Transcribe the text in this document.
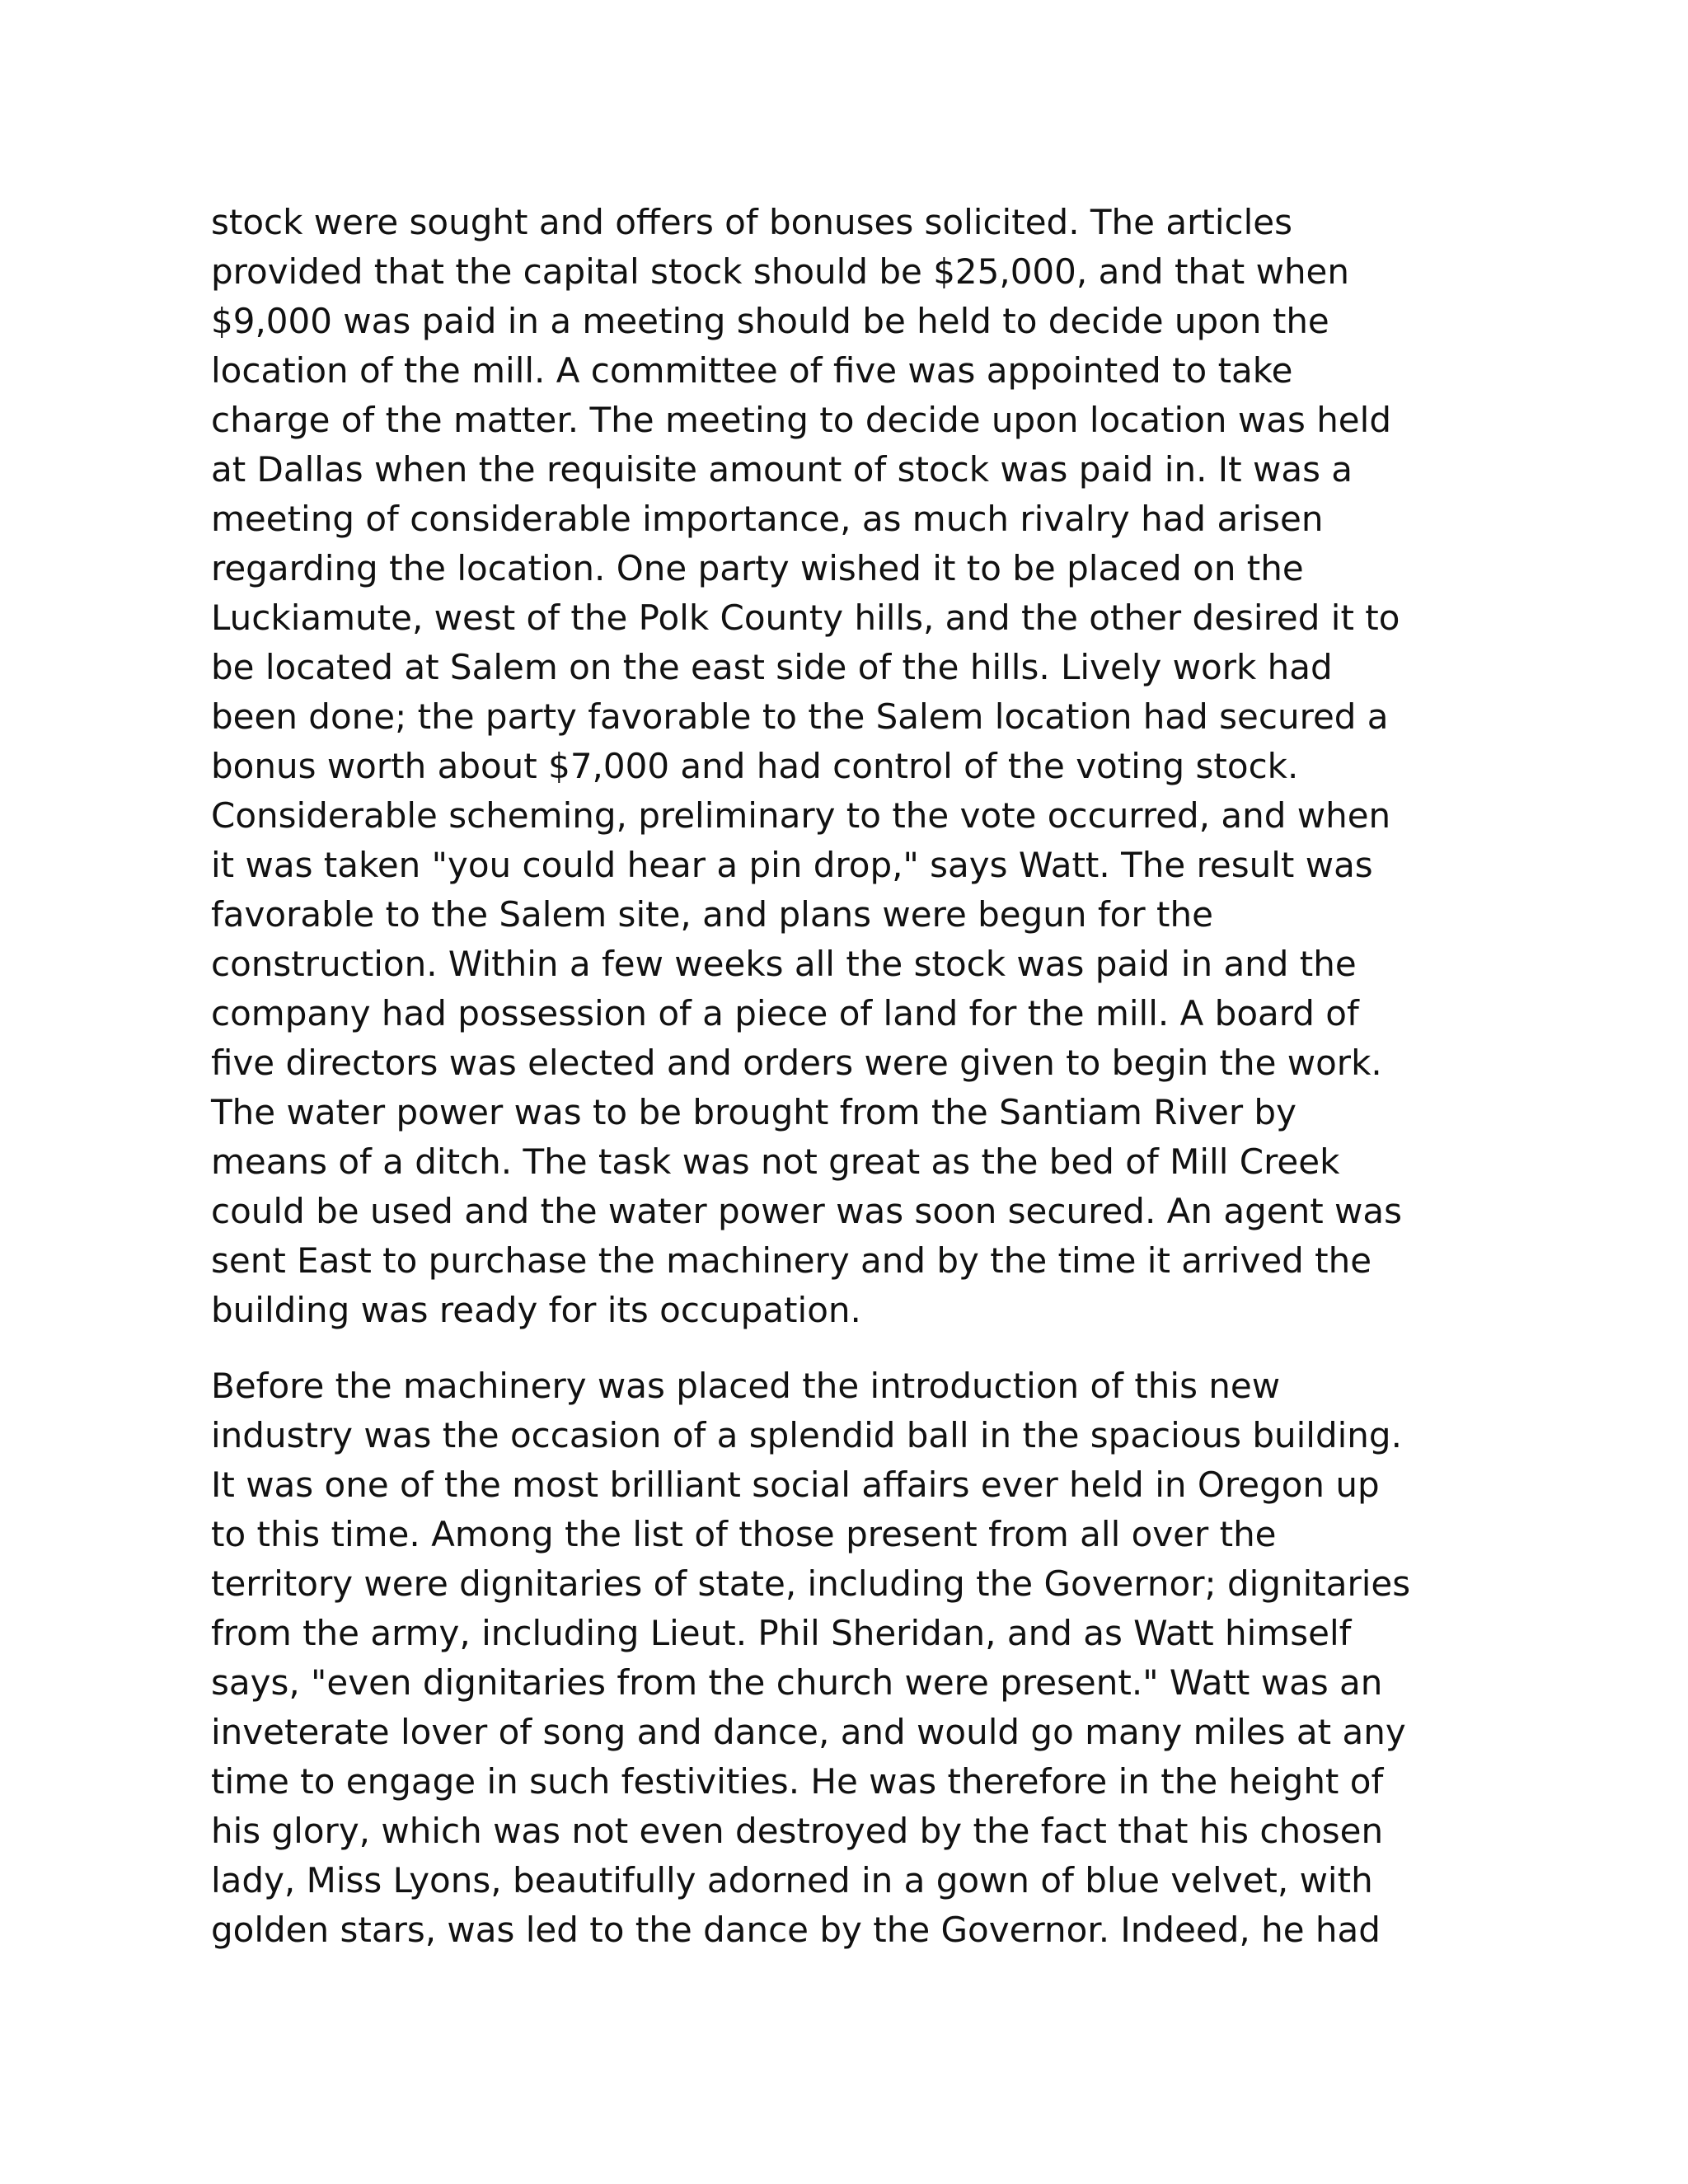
stock were sought and offers of bonuses solicited. The articles
provided that the capital stock should be $25,000, and that when
$9,000 was paid in a meeting should be held to decide upon the
location of the mill. A committee of five was appointed to take
charge of the matter. The meeting to decide upon location was held
at Dallas when the requisite amount of stock was paid in. It was a
meeting of considerable importance, as much rivalry had arisen
regarding the location. One party wished it to be placed on the
Luckiamute, west of the Polk County hills, and the other desired it to
be located at Salem on the east side of the hills. Lively work had
been done; the party favorable to the Salem location had secured a
bonus worth about $7,000 and had control of the voting stock.
Considerable scheming, preliminary to the vote occurred, and when
it was taken "you could hear a pin drop," says Watt. The result was
favorable to the Salem site, and plans were begun for the
construction. Within a few weeks all the stock was paid in and the
company had possession of a piece of land for the mill. A board of
five directors was elected and orders were given to begin the work.
The water power was to be brought from the Santiam River by
means of a ditch. The task was not great as the bed of Mill Creek
could be used and the water power was soon secured. An agent was
sent East to purchase the machinery and by the time it arrived the
building was ready for its occupation.
Before the machinery was placed the introduction of this new
industry was the occasion of a splendid ball in the spacious building.
It was one of the most brilliant social affairs ever held in Oregon up
to this time. Among the list of those present from all over the
territory were dignitaries of state, including the Governor; dignitaries
from the army, including Lieut. Phil Sheridan, and as Watt himself
says, "even dignitaries from the church were present." Watt was an
inveterate lover of song and dance, and would go many miles at any
time to engage in such festivities. He was therefore in the height of
his glory, which was not even destroyed by the fact that his chosen
lady, Miss Lyons, beautifully adorned in a gown of blue velvet, with
golden stars, was led to the dance by the Governor. Indeed, he had
